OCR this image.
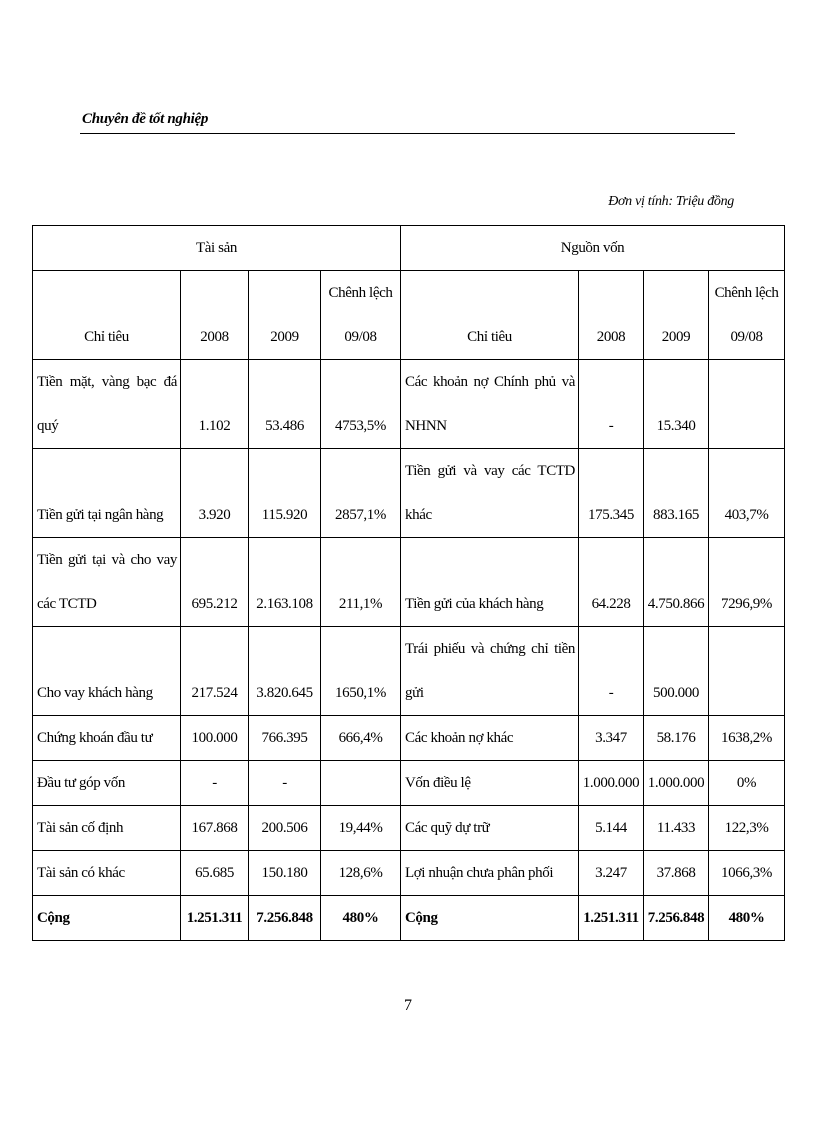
Chuyên đề tốt nghiệp
Đơn vị tính: Triệu đồng
Tài sản				Nguồn vốn			
Chỉ tiêu	2008	2009	Chênh lệch 09/08	Chỉ tiêu	2008	2009	Chênh lệch 09/08
Tiền mặt, vàng bạc đá quý	1.102	53.486	4753,5%	Các khoản nợ Chính phủ và NHNN	-	15.340	
Tiền gửi tại ngân hàng	3.920	115.920	2857,1%	Tiền gửi và vay các TCTD khác	175.345	883.165	403,7%
Tiền gửi tại và cho vay các TCTD	695.212	2.163.108	211,1%	Tiền gửi của khách hàng	64.228	4.750.866	7296,9%
Cho vay khách hàng	217.524	3.820.645	1650,1%	Trái phiếu và chứng chỉ tiền gửi	-	500.000	
Chứng khoán đầu tư	100.000	766.395	666,4%	Các khoản nợ khác	3.347	58.176	1638,2%
Đầu tư góp vốn	-	-		Vốn điều lệ	1.000.000	1.000.000	0%
Tài sản cố định	167.868	200.506	19,44%	Các quỹ dự trữ	5.144	11.433	122,3%
Tài sản có khác	65.685	150.180	128,6%	Lợi nhuận chưa phân phối	3.247	37.868	1066,3%
Cộng	1.251.311	7.256.848	480%	Cộng	1.251.311	7.256.848	480%
7
